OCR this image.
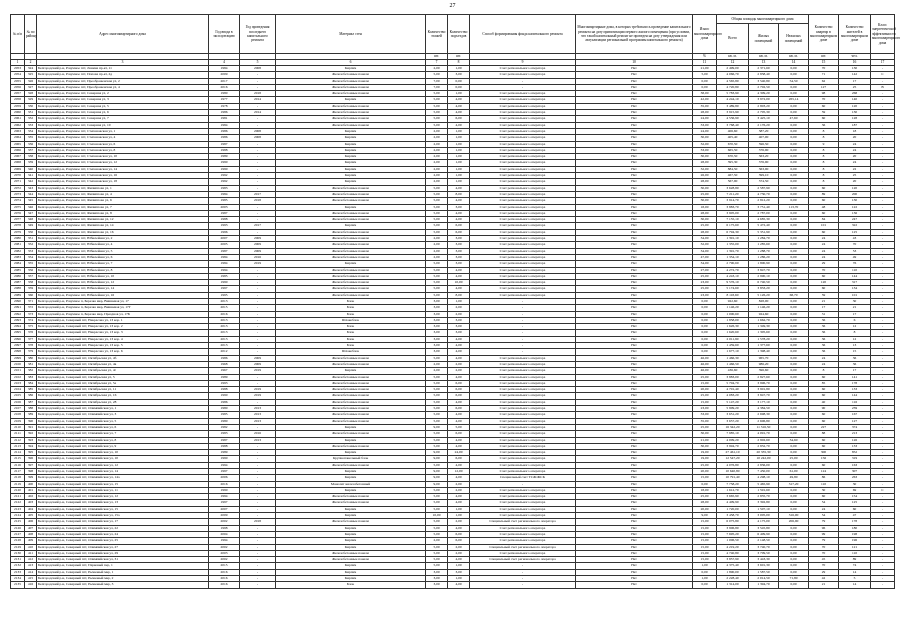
27
№ п/п	№ по району	Адрес многоквартирного дома	Год ввода в эксплуатацию	Год проведения последнего капитального ремонта	Материал стен	Количество этажей	Количество подъездов	Способ формирования фонда капитального ремонта	Многоквартирные дома, в которых требовалось проведение капитального ремонта на дату приватизации первого жилого помещения (при условии, что такой капитальный ремонт не проведен на дату утверждения или актуализации региональной программы капитального ремонта)	Износ многоквартирного дома	Общая площадь многоквартирного дома			Количество квартир в многоквартирном доме	Количество жителей в многоквартирном доме	Класс энергетической эффективности многоквартирного дома
											Всего	Жилых помещений	Нежилых помещений			
						шт.	шт.			%	кв. м.	кв. м.	кв. м.	шт.	чел.	
1	2	3	4	5	6	7	8	9	10	11	12	13	14	15	16	17
2053	324	Белгородский р-н, Разумное пгт, Ленина пр-кт, 11	1984	2008	Кирпич	2,00	1,00	Счет регионального оператора	Нет	21,00	2 499,00	2 371,60	0,00	70	130	-
2054	325	Белгородский р-н, Разумное пгт, Попова пр-кт, 2д	2009	-	Железобетонные панели	5,00	3,00	Счет регионального оператора	Нет	5,00	4 066,70	2 838,40	0,00	71	142	C
2055	326	Белгородский р-н, Разумное пгт, Преображенская ул, 2	2017	-	Железобетонные панели	7,00	0,00	-	Нет	0,00	4 565,80	3 540,80	54,50	62	17	-
2056	327	Белгородский р-н, Разумное пгт, Преображенская ул, 4	2016	-	Железобетонные панели	7,00	0,00	-	Нет	0,00	4 720,80	2 702,50	0,00	127	25	B
2057	328	Белгородский р-н, Разумное пгт, Северная ул, 2	1980	2018	Железобетонные панели	5,00	1,00	Счет регионального оператора	Нет	38,00	5 783,90	4 309,20	0,00	98	268	-
2058	329	Белгородский р-н, Разумное пгт, Северная ул, 3	1977	2014	Кирпич	5,00	4,00	Счет регионального оператора	Нет	42,00	4 244,10	3 972,00	265,14	70	140	-
2059	330	Белгородский р-н, Разумное пгт, Северная ул, 5	1978	-	Железобетонные панели	5,00	4,00	Счет регионального оператора	Нет	35,00	3 489,80	2 803,20	0,00	60	120	-
2060	331	Белгородский р-н, Разумное пгт, Северная ул, 6	1986	2014	Железобетонные панели	5,00	4,00	Счет регионального оператора	Нет	28,00	3 915,90	2 705,30	0,00	59	130	-
2061	332	Белгородский р-н, Разумное пгт, Северная ул, 7	1981	-	Железобетонные панели	5,00	6,00	Счет регионального оператора	Нет	24,00	4 536,90	3 425,10	47,60	60	128	-
2062	333	Белгородский р-н, Разумное пгт, Северная ул, 10	1984	-	Железобетонные панели	5,00	4,00	Счет регионального оператора	Нет	33,00	3 768,40	2 176,20	0,00	36	187	-
2063	334	Белгородский р-н, Разумное пгт, Степановская ул, 1	1986	2008	Кирпич	2,00	1,00	Счет регионального оператора	Нет	24,00	406,60	387,20	0,00	8	18	-
2064	335	Белгородский р-н, Разумное пгт, Степановская ул, 4	1986	2008	Кирпич	2,00	1,00	Счет регионального оператора	Нет	30,00	405,40	407,00	0,00	8	20	-
2065	336	Белгородский р-н, Разумное пгт, Степановская ул, 6	1987	-	Кирпич	2,00	1,00	Счет регионального оператора	Нет	32,00	670,50	596,50	0,00	9	24	-
2066	337	Белгородский р-н, Разумное пгт, Степановская ул, 8	1988	-	Кирпич	2,00	1,00	Счет регионального оператора	Нет	33,00	665,50	376,90	0,00	8	24	-
2067	338	Белгородский р-н, Разумное пгт, Степановская ул, 10	1989	-	Кирпич	2,00	1,00	Счет регионального оператора	Нет	30,00	670,50	363,20	0,00	8	20	-
2068	339	Белгородский р-н, Разумное пгт, Степановская ул, 12	1990	-	Кирпич	2,00	1,00	Счет регионального оператора	Нет	28,00	395,30	376,90	0,00	8	24	-
2069	340	Белгородский р-н, Разумное пгт, Степановская ул, 14	1990	-	Кирпич	2,00	1,00	Счет регионального оператора	Нет	32,00	884,50	363,90	0,00	8	22	-
2070	341	Белгородский р-н, Разумное пгт, Степановская ул, 16	1992	-	Кирпич	2,00	1,00	Счет регионального оператора	Нет	26,00	467,50	399,10	0,00	8	25	-
2071	342	Белгородский р-н, Разумное пгт, Степановская ул, 18	1992	-	Кирпич	2,00	1,00	Счет регионального оператора	Нет	28,00	567,90	374,50	0,00	8	20	-
2072	343	Белгородский р-н, Разумное пгт, Филиппова ул, 1	1983	-	Железобетонные панели	5,00	4,00	Счет регионального оператора	Нет	30,00	3 628,80	2 587,90	0,00	60	120	-
2073	344	Белгородский р-н, Разумное пгт, Филиппова ул, 4	1984	2017	Железобетонные панели	5,00	8,00	Счет регионального оператора	Нет	25,00	7 211,20	4 730,70	0,00	89	200	-
2074	345	Белгородский р-н, Разумное пгт, Филиппова ул, 6	1985	2018	Железобетонные панели	5,00	4,00	Счет регионального оператора	Нет	30,00	3 914,70	2 812,20	0,00	60	130	-
2075	346	Белгородский р-н, Разумное пгт, Филиппова ул, 7	2003	-	Кирпич	5,00	3,00	Счет регионального оператора	Нет	18,00	3 883,70	3 751,40	113,70	48	122	-
2076	347	Белгородский р-н, Разумное пгт, Филиппова ул, 8	1987	-	Железобетонные панели	5,00	4,00	Счет регионального оператора	Нет	28,00	3 905,00	2 787,00	0,00	60	136	-
2077	348	Белгородский р-н, Разумное пгт, Филиппова ул, 12	1988	-	Железобетонные панели	5,00	4,00	Счет регионального оператора	Нет	30,00	7 155,10	4 685,30	0,00	84	247	-
2078	349	Белгородский р-н, Разумное пгт, Филиппова ул, 14	1993	2017	Кирпич	5,00	6,00	Счет регионального оператора	Нет	25,00	6 175,60	5 472,40	0,00	101	322	-
2079	350	Белгородский р-н, Разумное пгт, Филиппова ул, 16	1996	-	Железобетонные панели	5,00	6,00	Счет регионального оператора	Нет	28,00	6 794,30	5 351,90	0,00	60	125	-
2080	351	Белгородский р-н, Разумное пгт, Юбилейная ул, 2	2007	2009	Железобетонные панели	2,00	3,00	Счет регионального оператора	Нет	34,00	1 391,10	1 284,70	0,00	24	43	-
2081	352	Белгородский р-н, Разумное пгт, Юбилейная ул, 4	2005	2009	Железобетонные панели	2,00	3,00	Счет регионального оператора	Нет	32,00	1 355,00	1 285,60	0,00	24	70	-
2082	353	Белгородский р-н, Разумное пгт, Юбилейная ул, 5	1987	2009	Железобетонные панели	2,00	3,00	Счет регионального оператора	Нет	34,00	1 391,70	1 288,70	0,00	24	53	-
2083	354	Белгородский р-н, Разумное пгт, Юбилейная ул, 6	1984	2016	Железобетонные панели	2,00	3,00	Счет регионального оператора	Нет	47,00	1 354,10	1 286,20	0,00	24	49	-
2084	355	Белгородский р-н, Разумное пгт, Юбилейная ул, 7	1984	2019	Кирпич	5,00	3,00	Счет регионального оператора	Нет	34,00	2 790,60	1 800,90	0,00	29	76	-
2085	356	Белгородский р-н, Разумное пгт, Юбилейная ул, 8	1994	-	Железобетонные панели	5,00	4,00	Счет регионального оператора	Нет	27,00	4 272,70	3 847,70	0,00	70	110	-
2086	357	Белгородский р-н, Разумное пгт, Юбилейная ул, 10	1985	-	Железобетонные панели	5,00	4,00	Счет регионального оператора	Нет	25,00	4 243,10	2 990,10	0,00	60	144	-
2087	358	Белгородский р-н, Разумное пгт, Юбилейная ул, 12	1990	-	Железобетонные панели	5,00	10,00	Счет регионального оператора	Нет	23,00	9 576,10	6 740,50	0,00	120	317	-
2088	359	Белгородский р-н, Разумное пгт, Юбилейная ул, 14	1997	-	Железобетонные панели	5,00	4,00	Счет регионального оператора	Нет	25,00	5 174,60	3 833,20	0,00	60	134	-
2089	360	Белгородский р-н, Разумное пгт, Юбилейная ул, 16	1995	-	Железобетонные панели	5,00	8,00	Счет регионального оператора	Нет	23,00	8 118,60	5 126,20	68,70	59	101	-
2090	371	Белгородский р-н, Разумное п, Березка мкр, Вишневая ул, 17	2013	-	Блок	3,00	1,00	-	Нет	0,00	922,60	828,00	0,00	21	30	-
2091	372	Белгородский р-н, Разумное п, Березка мкр, Вишневая ул, 17Г	2015	-	Блок	3,00	2,00	-	Нет	0,00	1 146,20	1 146,20	0,00	17	21	-
2092	373	Белгородский р-н, Разумное п, Березка мкр, Празднов ул, 17Б	2016	-	Блок	3,00	2,00	-	Нет	0,00	1 000,60	924,60	0,00	31	17	-
2093	374	Белгородский р-н, Северный пгт, Некрасова ул, 13 кор. 1	2013	-	Шлакоблок	3,00	3,00	-	Нет	0,00	1 858,00	1 662,70	0,00	36	6	-
2094	375	Белгородский р-н, Северный пгт, Некрасова ул, 13 кор. 2	2013	-	Блок	3,00	3,00	-	Нет	0,00	1 626,30	1 349,30	0,00	36	12	-
2095	376	Белгородский р-н, Северный пгт, Некрасова ул, 13 кор. 3	2013	-	Блок	3,00	3,00	-	Нет	0,00	1 620,60	1 305,60	0,00	36	8	-
2096	377	Белгородский р-н, Северный пгт, Некрасова ул, 13 кор. 4	2013	-	Блок	3,00	4,00	-	Нет	0,00	2 011,90	1 578,20	0,00	36	12	-
2097	378	Белгородский р-н, Северный пгт, Некрасова ул, 13 кор. 5	2013	-	Блок	3,00	4,00	-	Нет	0,00	1 459,60	1 377,60	0,00	36	13	-
2098	379	Белгородский р-н, Северный пгт, Некрасова ул, 13 кор. 6	2012	-	Шлакоблок	3,00	4,00	-	Нет	0,00	1 677,10	1 398,40	0,00	36	15	-
2099	380	Белгородский р-н, Северный пгт, Октябрьская ул, 4б	1986	2009	Железобетонные панели	5,00	4,00	Счет регионального оператора	Нет	46,00	1 466,30	965,70	0,00	24	36	-
2100	381	Белгородский р-н, Северный пгт, Октябрьская ул, 4в	1968	2009	Железобетонные панели	2,00	2,00	Счет регионального оператора	Нет	46,00	1 466,50	986,20	0,00	24	36	-
2101	382	Белгородский р-н, Северный пгт, Октябрьская ул, 4г	1967	2019	Кирпич	2,00	2,00	Счет регионального оператора	Нет	46,00	436,60	396,60	0,00	8	17	-
2102	383	Белгородский р-н, Северный пгт, Октябрьская ул, 5	1989	-	Железобетонные панели	5,00	4,00	Счет регионального оператора	Нет	25,00	3 883,00	2 827,60	0,00	60	141	-
2103	384	Белгородский р-н, Северный пгт, Октябрьская ул, 5а	1993	-	Железобетонные панели	5,00	6,00	Счет регионального оператора	Нет	15,00	5 704,70	3 996,70	0,00	85	178	-
2104	385	Белгородский р-н, Северный пгт, Октябрьская ул, 11	1988	2019	Железобетонные панели	5,00	6,00	Счет регионального оператора	Нет	20,00	4 701,40	3 901,80	0,00	60	133	-
2105	386	Белгородский р-н, Северный пгт, Октябрьская ул, 16	1990	2019	Железобетонные панели	5,00	6,00	Счет регионального оператора	Нет	25,00	4 083,20	3 847,70	0,00	60	144	-
2106	387	Белгородский р-н, Северный пгт, Октябрьская ул, 28	1986	-	Железобетонные панели	5,00	4,00	Счет регионального оператора	Нет	15,00	5 147,20	3 177,10	0,00	40	116	-
2107	388	Белгородский р-н, Северный пгт, Олимпийская ул, 1	1980	2013	Железобетонные панели	5,00	6,00	Счет регионального оператора	Нет	23,00	5 909,20	4 384,50	0,00	90	239	-
2108	389	Белгородский р-н, Северный пгт, Олимпийская ул, 3	1985	2013	Железобетонные панели	5,00	4,00	Счет регионального оператора	Нет	33,00	3 651,20	2 698,30	0,00	60	167	-
2109	390	Белгородский р-н, Северный пгт, Олимпийская ул, 5	1980	2013	Железобетонные панели	5,00	4,00	Счет регионального оператора	Нет	35,00	3 657,20	2 606,80	0,00	60	127	-
2110	391	Белгородский р-н, Северный пгт, Олимпийская ул, 6	1982	-	Кирпич	9,00	5,00	Счет регионального оператора	Нет	25,00	16 342,20	11 316,50	0,00	227	374	-
2111	392	Белгородский р-н, Северный пгт, Олимпийская ул, 7	1983	2016	Железобетонные панели	5,00	6,00	Счет регионального оператора	Нет	30,00	7 985,10	4 091,70	0,00	88	213	-
2112	393	Белгородский р-н, Северный пгт, Олимпийская ул, 8	1987	2013	Кирпич	5,00	4,00	Счет регионального оператора	Нет	21,00	4 009,20	2 902,60	34,60	60	126	-
2113	394	Белгородский р-н, Северный пгт, Олимпийская ул, 9	1988	-	Железобетонные панели	5,00	4,00	Счет регионального оператора	Нет	30,00	3 994,70	2 832,70	0,00	60	133	-
2114	395	Белгородский р-н, Северный пгт, Олимпийская ул, 10	1989	-	Кирпич	9,00	24,00	Счет регионального оператора	Нет	19,00	27 461,10	20 335,30	0,00	300	852	-
2115	396	Белгородский р-н, Северный пгт, Олимпийская ул, 10	1990	-	Крупнопанельный блок	9,00	6,00	Счет регионального оператора	Нет	19,00	12 547,20	10 242,00	25,00	156	319	-
2116	397	Белгородский р-н, Северный пгт, Олимпийская ул, 12	1994	-	Железобетонные панели	5,00	4,00	Счет регионального оператора	Нет	25,00	4 076,80	2 836,00	0,00	60	163	-
2117	398	Белгородский р-н, Северный пгт, Олимпийская ул, 14	1997	-	Кирпич	9,00	12,00	Счет регионального оператора	Нет	20,00	10 640,80	7 450,00	61,00	124	307	-
2118	399	Белгородский р-н, Северный пгт, Олимпийская ул, 14а	2006	-	Кирпич	9,00	4,00	Специальный счет ТСЖ/ЖСК	Нет	15,00	10 791,40	4 298,10	49,80	86	263	-
2119	400	Белгородский р-н, Северный пгт, Олимпийская ул, 15	2016	-	Монолит железобетонный	9,00	2,00	-	Нет	0,00	7 758,20	5 465,90	317,20	110	30	-
2120	401	Белгородский р-н, Северный пгт, Олимпийская ул, 11	1990	-	Кирпич	5,00	2,00	Счет регионального оператора	Нет	18,00	1 612,70	1 591,60	0,00	30	69	C
2121	402	Белгородский р-н, Северный пгт, Олимпийская ул, 12	1994	-	Железобетонные панели	5,00	4,00	Счет регионального оператора	Нет	25,00	3 665,90	2 835,70	0,00	60	154	-
2122	403	Белгородский р-н, Северный пгт, Олимпийская ул, 13	1997	-	Железобетонные панели	5,00	4,00	Счет регионального оператора	Нет	28,00	4 409,90	3 392,80	0,00	54	125	-
2123	404	Белгородский р-н, Северный пгт, Олимпийская ул, 15	2007	-	Кирпич	5,00	1,00	Счет регионального оператора	Нет	20,00	1 720,00	1 507,10	0,00	24	60	-
2124	405	Белгородский р-н, Северный пгт, Олимпийская ул, 15а	2009	-	Кирпич	10,00	1,00	Счет регионального оператора	Нет	9,00	3 458,70	3 005,00	316,00	54	47	-
2125	406	Белгородский р-н, Северный пгт, Олимпийская ул, 17	2002	2018	Железобетонные панели	5,00	2,00	Специальный счет регионального оператора	Нет	15,00	6 075,80	4 175,00	206,90	79	178	-
2126	407	Белгородский р-н, Северный пгт, Олимпийская ул, 22	1998	-	Кирпич	5,00	4,00	Счет регионального оператора	Нет	15,00	3 906,80	3 545,80	0,00	96	180	-
2127	408	Белгородский р-н, Северный пгт, Олимпийская ул, 24	2004	-	Кирпич	5,00	6,00	Счет регионального оператора	Нет	15,00	7 695,20	6 409,90	0,00	99	198	-
2128	409	Белгородский р-н, Северный пгт, Олимпийская ул, 25	1994	-	Кирпич	2,00	6,00	Счет регионального оператора	Нет	15,00	1 006,50	2 148,50	0,00	79	196	-
2129	410	Белгородский р-н, Северный пгт, Олимпийская ул, 27	2002	-	Кирпич	5,00	2,00	Специальный счет регионального оператора	Нет	15,00	4 219,20	3 740,70	0,00	70	121	-
2130	411	Белгородский р-н, Северный пгт, Олимпийская ул, 29	2003	-	Железобетонные панели	5,00	2,00	Счет регионального оператора	Нет	15,00	4 740,80	3 709,50	0,00	70	110	-
2131	412	Белгородский р-н, Северный пгт, Олимпийская ул, 31	2002	-	Железобетонные панели	5,00	4,00	Специальный счет регионального оператора	Нет	15,00	3 857,90	3 443,30	0,00	45	89	-
2132	413	Белгородский р-н, Северный пгт, Парковый пер, 1	2015	-	Кирпич	5,00	1,00	-	Нет	1,00	4 375,40	3 601,30	0,00	70	74	-
2133	414	Белгородский р-н, Северный пгт, Рычковый мкр, 1	2016	-	Кирпич	3,00	3,00	-	Нет	0,00	1 890,00	1 587,50	0,00	29	14	-
2134	415	Белгородский р-н, Северный пгт, Рычковый мкр, 2	2016	-	Кирпич	3,00	1,00	-	Нет	1,00	2 228,40	2 014,50	71,80	42	5	-
2135	416	Белгородский р-н, Северный пгт, Рычковый мкр, 3	2016	-	Блок	3,00	4,00	-	Нет	0,00	1 314,00	1 394,70	0,00	21	14	-
